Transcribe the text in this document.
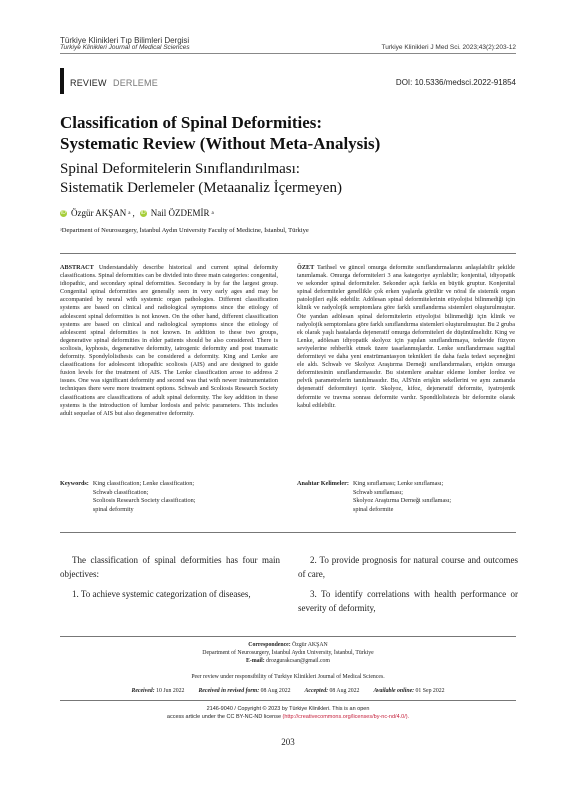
Türkiye Klinikleri Tıp Bilimleri Dergisi
Turkiye Klinikleri Journal of Medical Sciences	Turkiye Klinikleri J Med Sci. 2023;43(2):203-12
REVIEW DERLEME	DOI: 10.5336/medsci.2022-91854
Classification of Spinal Deformities:
Systematic Review (Without Meta-Analysis)
Spinal Deformitelerin Sınıflandırılması:
Sistematik Derlemeler (Metaanaliz İçermeyen)
iD Özgür AKŞAN a , iD Nail ÖZDEMİR a
ᵃDepartment of Neurosurgery, İstanbul Aydın University Faculty of Medicine, İstanbul, Türkiye
ABSTRACT Understandably describe historical and current spinal deformity classifications. Spinal deformities can be divided into three main categories: congenital, idiopathic, and secondary spinal deformities. Secondary is by far the largest group. Congenital spinal deformities are generally seen in very early ages and may be accompanied by neural with systemic organ pathologies. Different classification systems are based on clinical and radiological symptoms since the etiology of adolescent spinal deformities is not known. On the other hand, different classification systems are based on clinical and radiological symptoms since the etiology of adolescent spinal deformities is not known. In addition to these two groups, degenerative spinal deformities in elder patients should be also considered. There is scoliosis, kyphosis, degenerative deformity, iatrogenic deformity and post traumatic deformity. Spondylolisthesis can be considered a deformity. King and Lenke are classifications for adolescent idiopathic scoliosis (AIS) and are designed to guide fusion levels for the treatment of AIS. The Lenke classification arose to address 2 issues. One was significant deformity and second was that with newer instrumentation techniques there were more treatment options. Schwab and Scoliosis Research Society classifications are classifications of adult spinal deformity. The key addition in these systems is the introduction of lumbar lordosis and pelvic parameters. This includes adult sequelae of AIS but also degenerative deformity.
ÖZET Tarihsel ve güncel omurga deformite sınıflandırmalarını anlaşılabilir şekilde tanımlamak. Omurga deformiteleri 3 ana kategoriye ayrılabilir; konjenital, idiyopatik ve sekonder spinal deformiteler. Sekonder açık farkla en büyük gruptur. Konjenital spinal deformiteler genellikle çok erken yaşlarda görülür ve nöral ile sistemik organ patolojileri eşlik edebilir. Adölesan spinal deformitelerinin etiyolojisi bilinmediği için klinik ve radyolojik semptomlara göre farklı sınıflandırma sistemleri oluşturulmuştur. Öte yandan adölesan spinal deformitelerin etiyolojisi bilinmediği için klinik ve radyolojik semptomlara göre farklı sınıflandırma sistemleri oluşturulmuştur. Bu 2 gruba ek olarak yaşlı hastalarda dejeneratif omurga deformiteleri de düşünülmelidir. King ve Lenke, adölesan idiyopatik skolyoz için yapılan sınıflandırmaya, tedavide füzyon seviyelerine rehberlik etmek üzere tasarlanmışlardır. Lenke sınıflandırması sagittal deformiteyi ve daha yeni enstrümantasyon teknikleri ile daha fazla tedavi seçeneğini ele aldı. Schwab ve Skolyoz Araştırma Derneği sınıflandırmaları, erişkin omurga deformitesinin sınıflandırmasıdır. Bu sistemlere anahtar ekleme lomber lordoz ve pelvik parametrelerin tanıtılmasıdır. Bu, AİS'nin erişkin sekellerini ve aynı zamanda dejeneratif deformiteyi içerir. Skolyoz, kifoz, dejeneratif deformite, iyatrojenik deformite ve travma sonrası deformite vardır. Spondilolistezis bir deformite olarak kabul edilebilir.
Keywords: King classification; Lenke classification;
Schwab classification;
Scoliosis Research Society classification;
spinal deformity
Anahtar Kelimeler: King sınıflaması; Lenke sınıflaması;
Schwab sınıflaması;
Skolyoz Araştırma Derneği sınıflaması;
spinal deformite

The classification of spinal deformities has four main objectives:

1. To achieve systemic categorization of diseases,

2. To provide prognosis for natural course and outcomes of care,

3. To identify correlations with health performance or severity of deformity,

Correspondence: Özgür AKŞAN
Department of Neurosurgery, İstanbul Aydın University, İstanbul, Türkiye
E-mail: drozgurakcsan@gmail.com
Peer review under responsibility of Turkiye Klinikleri Journal of Medical Sciences.
Received: 10 Jun 2022 Received in revised form: 08 Aug 2022 Accepted: 08 Aug 2022 Available online: 01 Sep 2022
2146-9040 / Copyright © 2023 by Türkiye Klinikleri. This is an open
access article under the CC BY-NC-ND license (http://creativecommons.org/licenses/by-nc-nd/4.0/).
203
